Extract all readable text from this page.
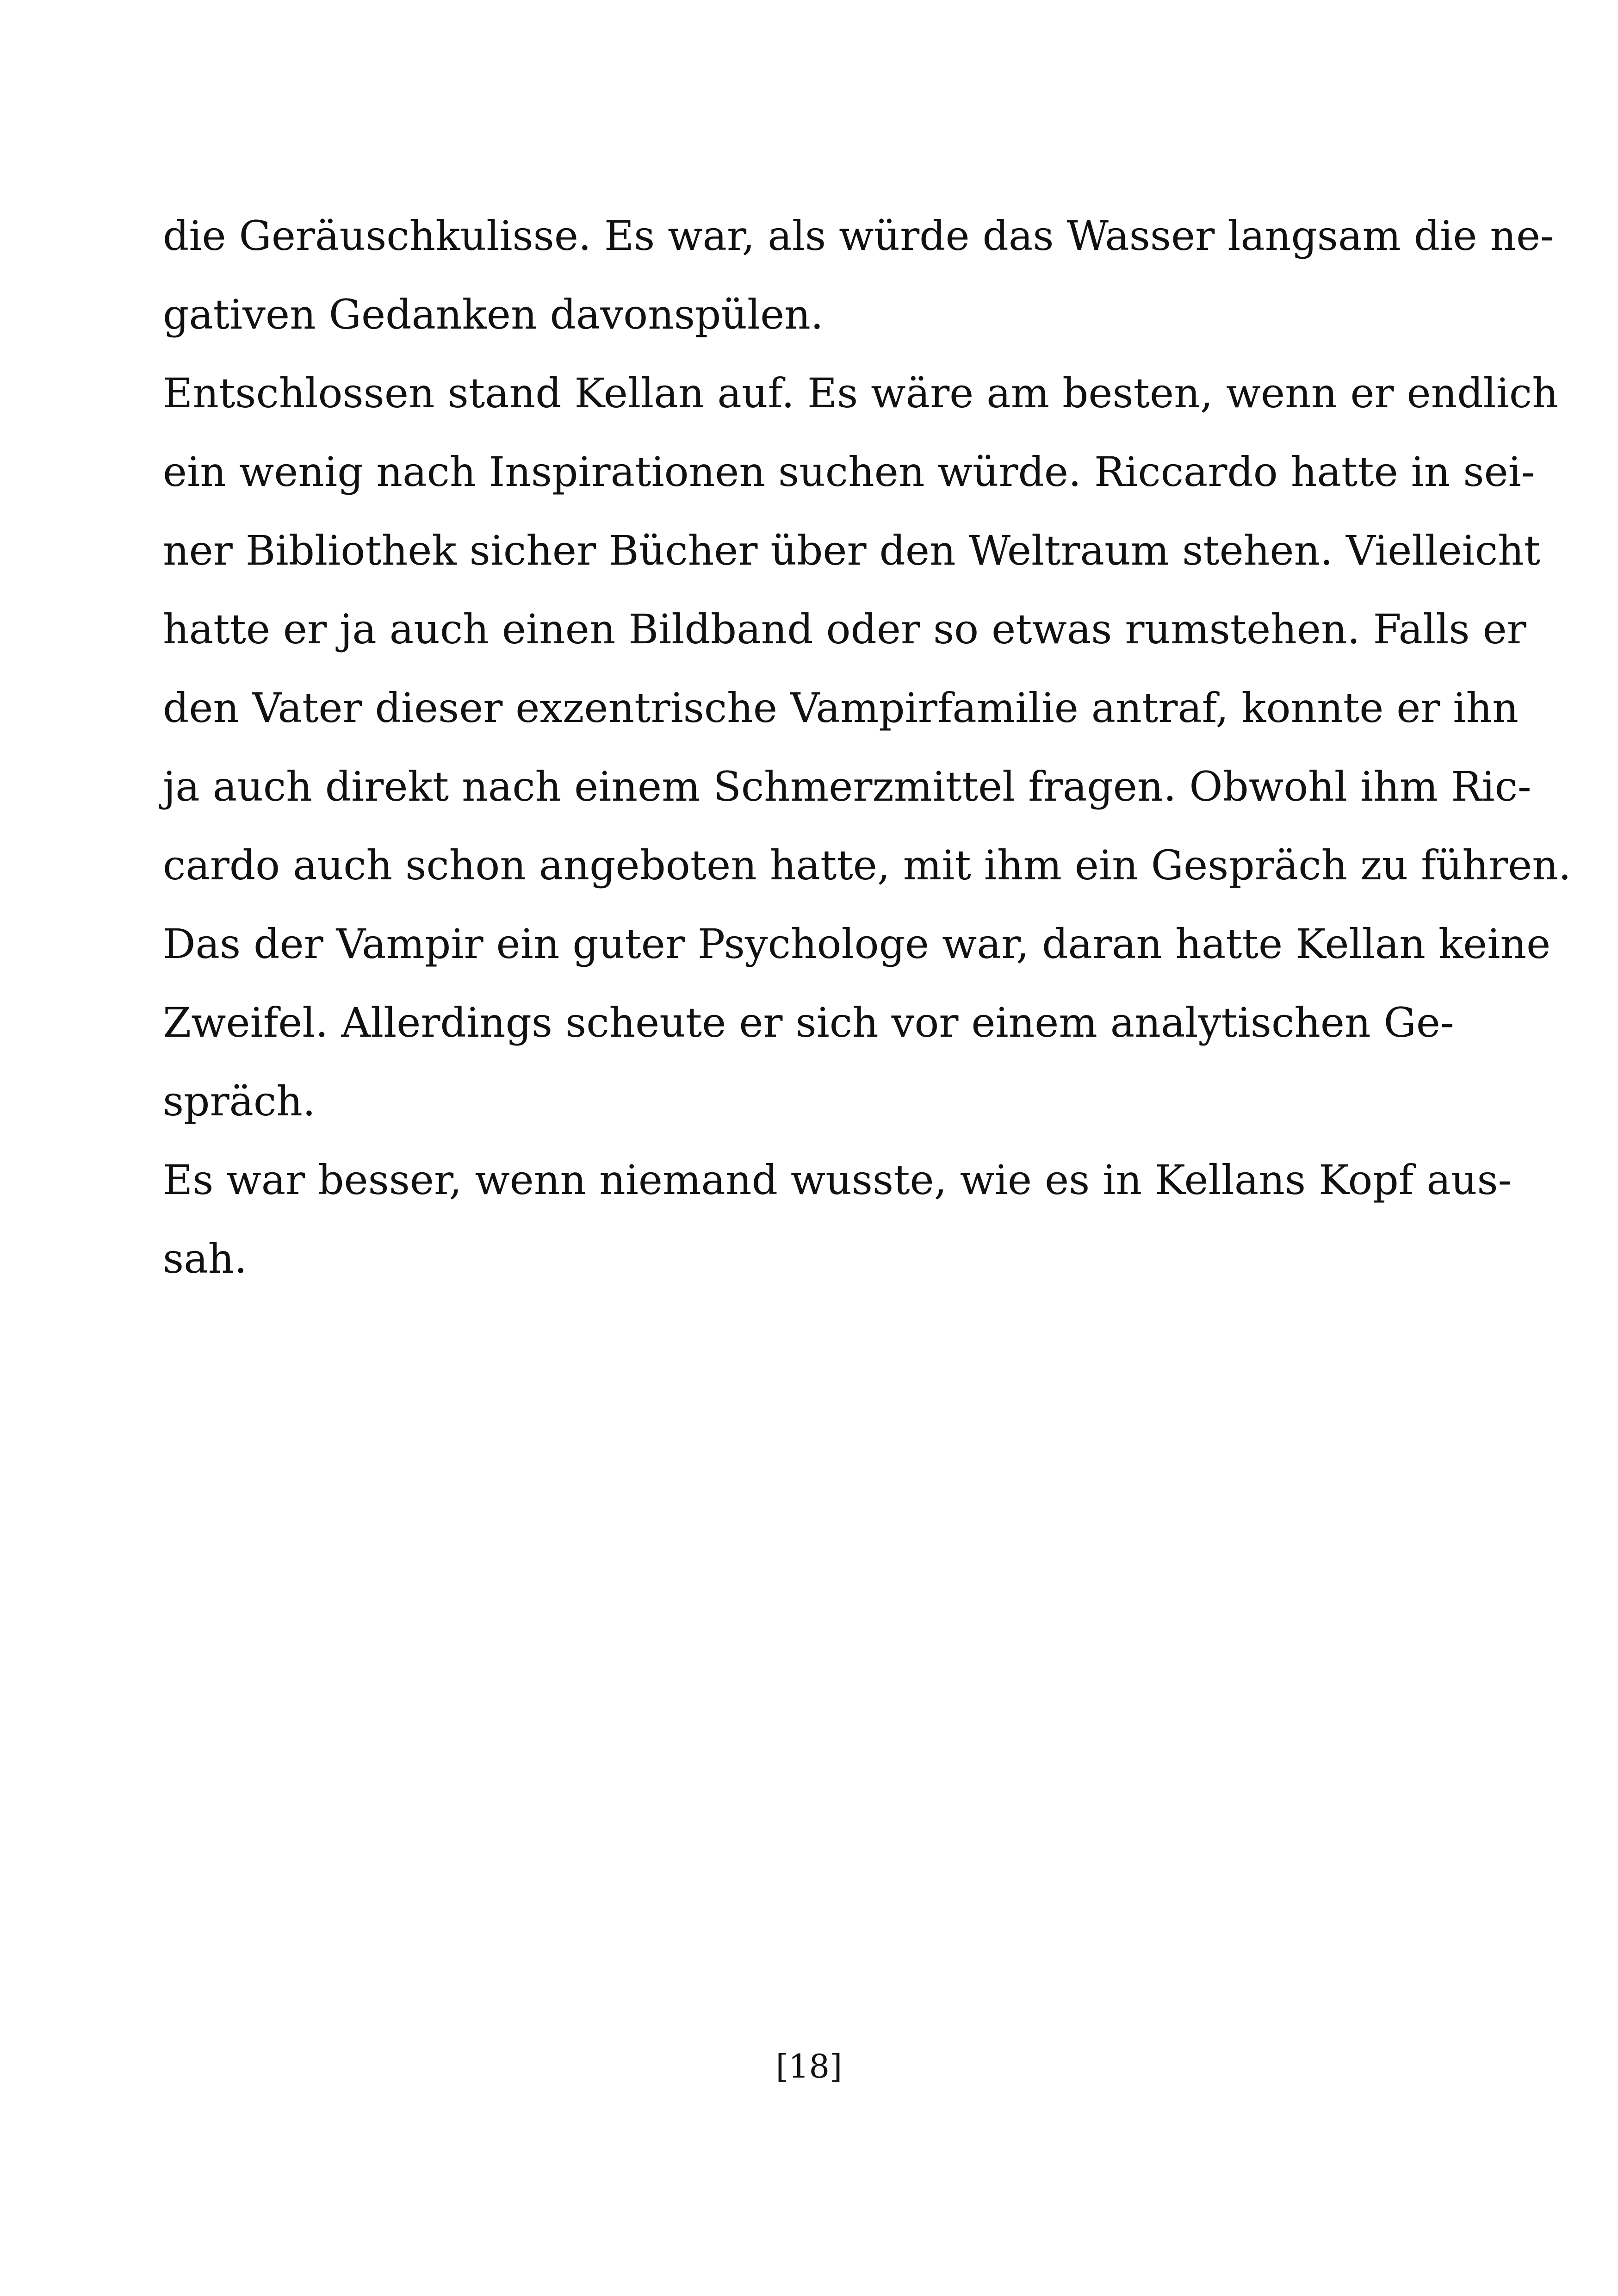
die Geräuschkulisse. Es war, als würde das Wasser langsam die ne-
gativen Gedanken davonspülen.
Entschlossen stand Kellan auf. Es wäre am besten, wenn er endlich
ein wenig nach Inspirationen suchen würde. Riccardo hatte in sei-
ner Bibliothek sicher Bücher über den Weltraum stehen. Vielleicht
hatte er ja auch einen Bildband oder so etwas rumstehen. Falls er
den Vater dieser exzentrische Vampirfamilie antraf, konnte er ihn
ja auch direkt nach einem Schmerzmittel fragen. Obwohl ihm Ric-
cardo auch schon angeboten hatte, mit ihm ein Gespräch zu führen.
Das der Vampir ein guter Psychologe war, daran hatte Kellan keine
Zweifel. Allerdings scheute er sich vor einem analytischen Ge-
spräch.
Es war besser, wenn niemand wusste, wie es in Kellans Kopf aus-
sah.
[18]
